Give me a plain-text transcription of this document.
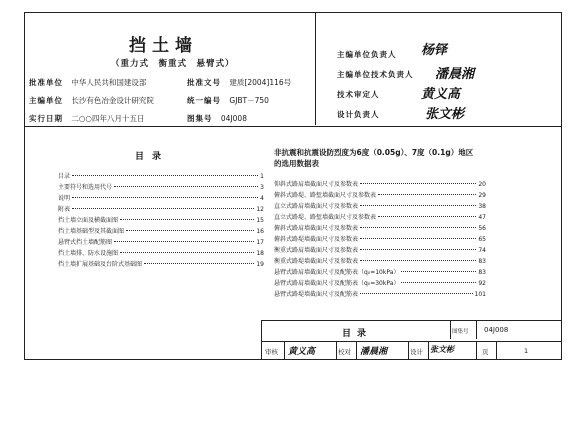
挡土墙
（重力式　衡重式　悬臂式）
批准单位 中华人民共和国建设部	批准文号 建质[2004]116号
主编单位 长沙有色冶金设计研究院	统一编号 GJBT－750
实行日期 二○○四年八月十五日	图集号 04J008
主编单位负责人 杨铎
主编单位技术负责人 潘晨湘
技术审定人	黄义高
设计负责人	张文彬
目录
目录	1
主要符号和选用代号	3
说明	4
附表	12
挡土墙立面及横截面图	15
挡土墙基础型及其截面图	16
悬臂式挡土墙配筋图	17
挡土墙排、防水设施图	18
挡土墙扩展基础及台阶式基础图	19
非抗震和抗震设防烈度为6度（0.05g）、7度（0.1g）地区的选用数据表
仰斜式路肩墙截面尺寸及参数表	20
俯斜式路堤、路堑墙截面尺寸及参数表	29
直立式路肩墙截面尺寸及参数表	38
直立式路堤、路堑墙截面尺寸及参数表	47
俯斜式路肩墙截面尺寸及参数表	56
俯斜式路堤墙截面尺寸及参数表	65
衡重式路肩墙截面尺寸及参数表	74
衡重式路堤墙截面尺寸及参数表	83
悬臂式路肩墙截面尺寸及配筋表（q₀=10kPa）	83
悬臂式路肩墙截面尺寸及配筋表（q₀=30kPa）	92
悬臂式路堤墙截面尺寸及配筋表	101
目录	图集号 04J008
审核 黄义高	校对 潘晨湘	设计 张文彬	页	1
